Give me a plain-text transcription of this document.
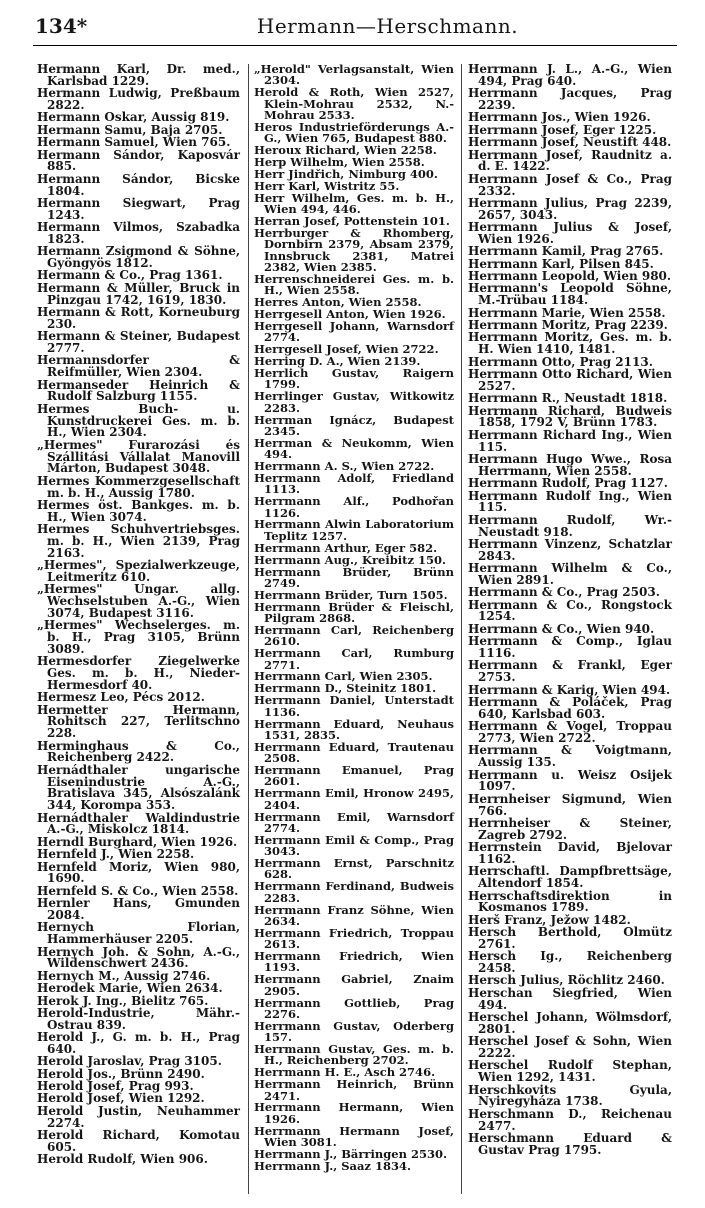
134*	Hermann—Herschmann.
Hermann Karl, Dr. med., Karlsbad 1229.
Hermann Ludwig, Preßbaum 2822.
Hermann Oskar, Aussig 819.
Hermann Samu, Baja 2705.
Hermann Samuel, Wien 765.
Hermann Sándor, Kaposvár 885.
Hermann Sándor, Bicske 1804.
Hermann Siegwart, Prag 1243.
Hermann Vilmos, Szabadka 1823.
Hermann Zsigmond & Söhne, Gyöngyös 1812.
Hermann & Co., Prag 1361.
Hermann & Müller, Bruck in Pinzgau 1742, 1619, 1830.
Hermann & Rott, Korneuburg 230.
Hermann & Steiner, Budapest 2777.
Hermannsdorfer & Reifmüller, Wien 2304.
Hermanseder Heinrich & Rudolf Salzburg 1155.
Hermes Buch- u. Kunstdruckerei Ges. m. b. H., Wien 2304.
„Hermes" Furarozási és Szállitási Vállalat Manovill Márton, Budapest 3048.
Hermes Kommerzgesellschaft m. b. H., Aussig 1780.
Hermes öst. Bankges. m. b. H., Wien 3074.
Hermes Schuhvertriebsges. m. b. H., Wien 2139, Prag 2163.
„Hermes", Spezialwerkzeuge, Leitmeritz 610.
„Hermes" Ungar. allg. Wechselstuben A.-G., Wien 3074, Budapest 3116.
„Hermes" Wechselerges. m. b. H., Prag 3105, Brünn 3089.
Hermesdorfer Ziegelwerke Ges. m. b. H., Nieder-Hermesdorf 40.
Hermesz Leo, Pécs 2012.
Hermetter Hermann, Rohitsch 227, Terlitschno 228.
Herminghaus & Co., Reichenberg 2422.
Hernádthaler ungarische Eisenindustrie A.-G., Bratislava 345, Alsószalánk 344, Korompa 353.
Hernádthaler Waldindustrie A.-G., Miskolcz 1814.
Herndl Burghard, Wien 1926.
Hernfeld J., Wien 2258.
Hernfeld Moriz, Wien 980, 1690.
Hernfeld S. & Co., Wien 2558.
Hernler Hans, Gmunden 2084.
Hernych Florian, Hammerhäuser 2205.
Hernych Joh. & Sohn, A.-G., Wildenschwert 2436.
Hernych M., Aussig 2746.
Herodek Marie, Wien 2634.
Herok J. Ing., Bielitz 765.
Herold-Industrie, Mähr.-Ostrau 839.
Herold J., G. m. b. H., Prag 640.
Herold Jaroslav, Prag 3105.
Herold Jos., Brünn 2490.
Herold Josef, Prag 993.
Herold Josef, Wien 1292.
Herold Justin, Neuhammer 2274.
Herold Richard, Komotau 605.
Herold Rudolf, Wien 906.
„Herold" Verlagsanstalt, Wien 2304.
Herold & Roth, Wien 2527, Klein-Mohrau 2532, N.-Mohrau 2533.
Heros Industrieförderungs A.-G., Wien 765, Budapest 880.
Heroux Richard, Wien 2258.
Herp Wilhelm, Wien 2558.
Herr Jindřich, Nimburg 400.
Herr Karl, Wistritz 55.
Herr Wilhelm, Ges. m. b. H., Wien 494, 446.
Herran Josef, Pottenstein 101.
Herrburger & Rhomberg, Dornbirn 2379, Absam 2379, Innsbruck 2381, Matrei 2382, Wien 2385.
Herrenschneiderei Ges. m. b. H., Wien 2558.
Herres Anton, Wien 2558.
Herrgesell Anton, Wien 1926.
Herrgesell Johann, Warnsdorf 2774.
Herrgesell Josef, Wien 2722.
Herring D. A., Wien 2139.
Herrlich Gustav, Raigern 1799.
Herrlinger Gustav, Witkowitz 2283.
Herrman Ignácz, Budapest 2345.
Herrman & Neukomm, Wien 494.
Herrmann A. S., Wien 2722.
Herrmann Adolf, Friedland 1113.
Herrmann Alf., Podhořan 1126.
Herrmann Alwin Laboratorium Teplitz 1257.
Herrmann Arthur, Eger 582.
Herrmann Aug., Kreibitz 150.
Herrmann Brüder, Brünn 2749.
Herrmann Brüder, Turn 1505.
Herrmann Brüder & Fleischl, Pilgram 2868.
Herrmann Carl, Reichenberg 2610.
Herrmann Carl, Rumburg 2771.
Herrmann Carl, Wien 2305.
Herrmann D., Steinitz 1801.
Herrmann Daniel, Unterstadt 1136.
Herrmann Eduard, Neuhaus 1531, 2835.
Herrmann Eduard, Trautenau 2508.
Herrmann Emanuel, Prag 2601.
Herrmann Emil, Hronow 2495, 2404.
Herrmann Emil, Warnsdorf 2774.
Herrmann Emil & Comp., Prag 3043.
Herrmann Ernst, Parschnitz 628.
Herrmann Ferdinand, Budweis 2283.
Herrmann Franz Söhne, Wien 2634.
Herrmann Friedrich, Troppau 2613.
Herrmann Friedrich, Wien 1193.
Herrmann Gabriel, Znaim 2905.
Herrmann Gottlieb, Prag 2276.
Herrmann Gustav, Oderberg 157.
Herrmann Gustav, Ges. m. b. H., Reichenberg 2702.
Herrmann H. E., Asch 2746.
Herrmann Heinrich, Brünn 2471.
Herrmann Hermann, Wien 1926.
Herrmann Hermann Josef, Wien 3081.
Herrmann J., Bärringen 2530.
Herrmann J., Saaz 1834.
Herrmann J. L., A.-G., Wien 494, Prag 640.
Herrmann Jacques, Prag 2239.
Herrmann Jos., Wien 1926.
Herrmann Josef, Eger 1225.
Herrmann Josef, Neustift 448.
Herrmann Josef, Raudnitz a. d. E. 1422.
Herrmann Josef & Co., Prag 2332.
Herrmann Julius, Prag 2239, 2657, 3043.
Herrmann Julius & Josef, Wien 1926.
Herrmann Kamil, Prag 2765.
Herrmann Karl, Pilsen 845.
Herrmann Leopold, Wien 980.
Herrmann's Leopold Söhne, M.-Trübau 1184.
Herrmann Marie, Wien 2558.
Herrmann Moritz, Prag 2239.
Herrmann Moritz, Ges. m. b. H. Wien 1410, 1481.
Herrmann Otto, Prag 2113.
Herrmann Otto Richard, Wien 2527.
Herrmann R., Neustadt 1818.
Herrmann Richard, Budweis 1858, 1792 V, Brünn 1783.
Herrmann Richard Ing., Wien 115.
Herrmann Hugo Wwe., Rosa Herrmann, Wien 2558.
Herrmann Rudolf, Prag 1127.
Herrmann Rudolf Ing., Wien 115.
Herrmann Rudolf, Wr.-Neustadt 918.
Herrmann Vinzenz, Schatzlar 2843.
Herrmann Wilhelm & Co., Wien 2891.
Herrmann & Co., Prag 2503.
Herrmann & Co., Rongstock 1254.
Herrmann & Co., Wien 940.
Herrmann & Comp., Iglau 1116.
Herrmann & Frankl, Eger 2753.
Herrmann & Karig, Wien 494.
Herrmann & Poláček, Prag 640, Karlsbad 603.
Herrmann & Vogel, Troppau 2773, Wien 2722.
Herrmann & Voigtmann, Aussig 135.
Herrmann u. Weisz Osijek 1097.
Herrnheiser Sigmund, Wien 766.
Herrnheiser & Steiner, Zagreb 2792.
Herrnstein David, Bjelovar 1162.
Herrschaftl. Dampfbrettsäge, Altendorf 1854.
Herrschaftsdirektion in Kosmanos 1789.
Herš Franz, Ježow 1482.
Hersch Berthold, Olmütz 2761.
Hersch Ig., Reichenberg 2458.
Hersch Julius, Röchlitz 2460.
Herschan Siegfried, Wien 494.
Herschel Johann, Wölmsdorf, 2801.
Herschel Josef & Sohn, Wien 2222.
Herschel Rudolf Stephan, Wien 1292, 1431.
Herschkovits Gyula, Nyiregyháza 1738.
Herschmann D., Reichenau 2477.
Herschmann Eduard & Gustav Prag 1795.
